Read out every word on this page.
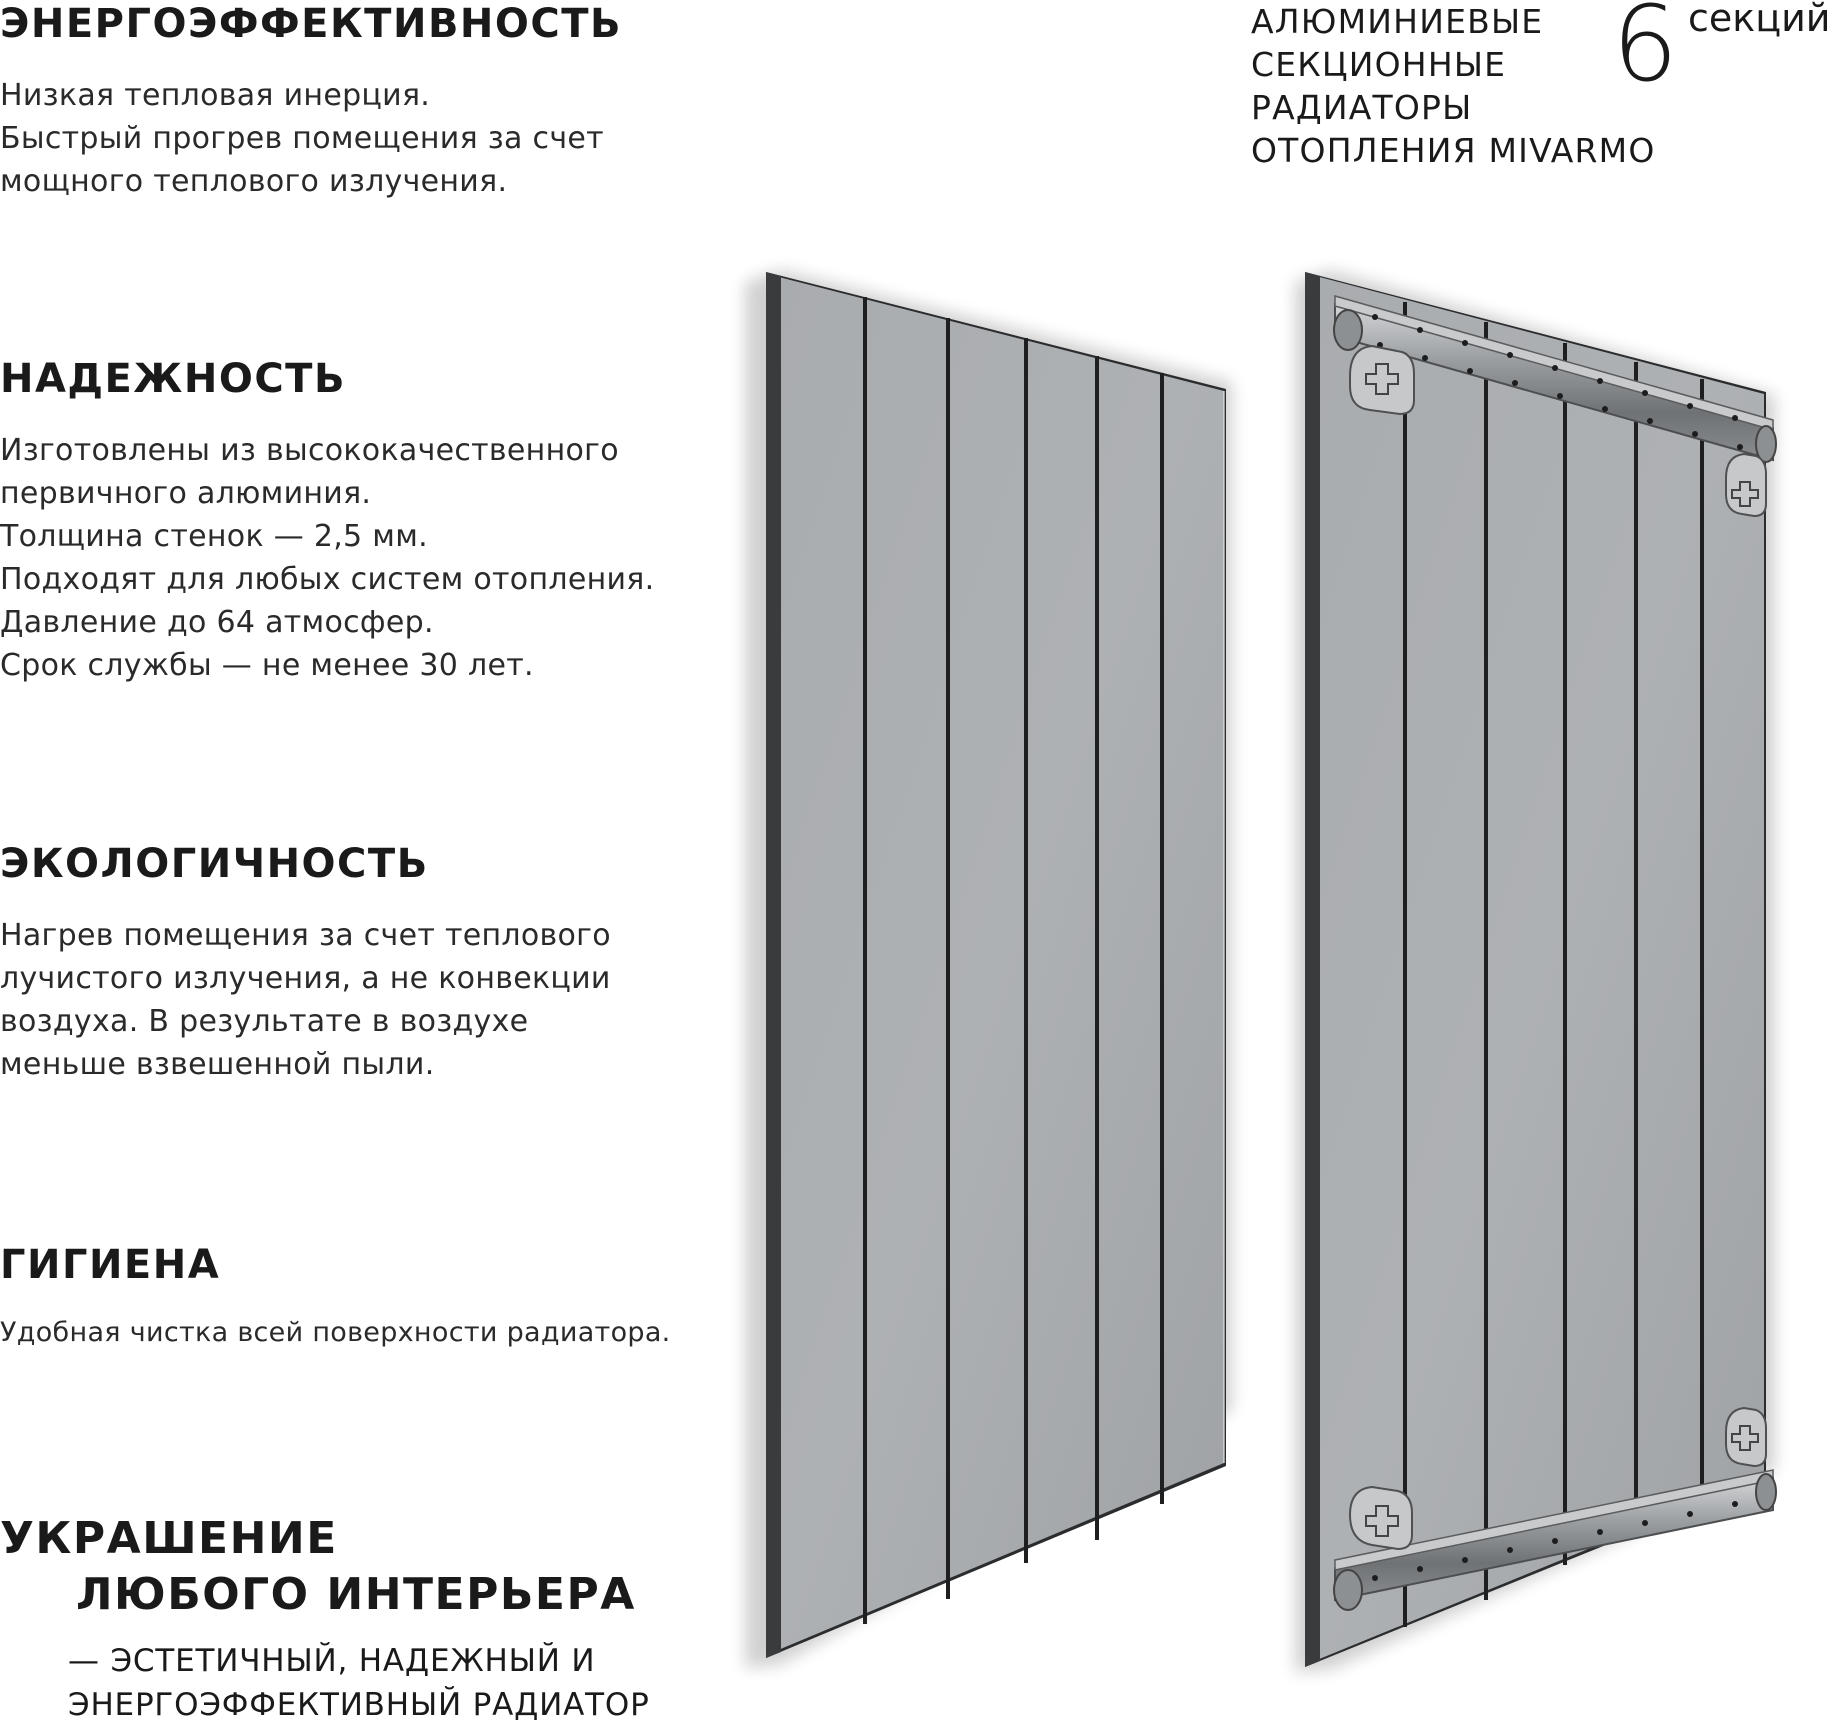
ЭНЕРГОЭФФЕКТИВНОСТЬ
Низкая тепловая инерция.
Быстрый прогрев помещения за счет
мощного теплового излучения.
НАДЕЖНОСТЬ
Изготовлены из высококачественного
первичного алюминия.
Толщина стенок — 2,5 мм.
Подходят для любых систем отопления.
Давление до 64 атмосфер.
Срок службы — не менее 30 лет.
ЭКОЛОГИЧНОСТЬ
Нагрев помещения за счет теплового
лучистого излучения, а не конвекции
воздуха. В результате в воздухе
меньше взвешенной пыли.
ГИГИЕНА
Удобная чистка всей поверхности радиатора.
УКРАШЕНИЕ
ЛЮБОГО ИНТЕРЬЕРА
— ЭСТЕТИЧНЫЙ, НАДЕЖНЫЙ И
ЭНЕРГОЭФФЕКТИВНЫЙ РАДИАТОР
АЛЮМИНИЕВЫЕ
СЕКЦИОННЫЕ
РАДИАТОРЫ
ОТОПЛЕНИЯ MIVARMO
6 секций
